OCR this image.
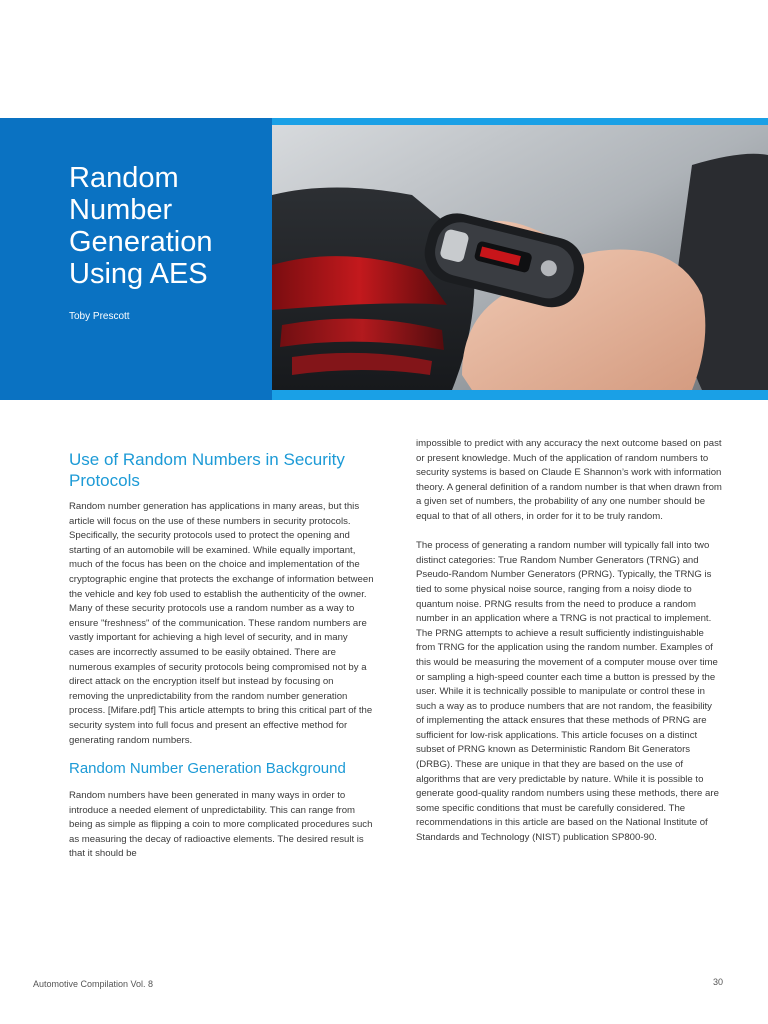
Random Number Generation Using AES

Toby Prescott

Use of Random Numbers in Security Protocols

Random number generation has applications in many areas, but this article will focus on the use of these numbers in security protocols. Specifically, the security protocols used to protect the opening and starting of an automobile will be examined. While equally important, much of the focus has been on the choice and implementation of the cryptographic engine that protects the exchange of information between the vehicle and key fob used to establish the authenticity of the owner. Many of these security protocols use a random number as a way to ensure "freshness" of the communication. These random numbers are vastly important for achieving a high level of security, and in many cases are incorrectly assumed to be easily obtained. There are numerous examples of security protocols being compromised not by a direct attack on the encryption itself but instead by focusing on removing the unpredictability from the random number generation process. [Mifare.pdf] This article attempts to bring this critical part of the security system into full focus and present an effective method for generating random numbers.

Random Number Generation Background

Random numbers have been generated in many ways in order to introduce a needed element of unpredictability. This can range from being as simple as flipping a coin to more complicated procedures such as measuring the decay of radioactive elements. The desired result is that it should be

impossible to predict with any accuracy the next outcome based on past or present knowledge. Much of the application of random numbers to security systems is based on Claude E Shannon’s work with information theory. A general definition of a random number is that when drawn from a given set of numbers, the probability of any one number should be equal to that of all others, in order for it to be truly random.

The process of generating a random number will typically fall into two distinct categories: True Random Number Generators (TRNG) and Pseudo-Random Number Generators (PRNG). Typically, the TRNG is tied to some physical noise source, ranging from a noisy diode to quantum noise. PRNG results from the need to produce a random number in an application where a TRNG is not practical to implement. The PRNG attempts to achieve a result sufficiently indistinguishable from TRNG for the application using the random number. Examples of this would be measuring the movement of a computer mouse over time or sampling a high-speed counter each time a button is pressed by the user. While it is technically possible to manipulate or control these in such a way as to produce numbers that are not random, the feasibility of implementing the attack ensures that these methods of PRNG are sufficient for low-risk applications. This article focuses on a distinct subset of PRNG known as Deterministic Random Bit Generators (DRBG). These are unique in that they are based on the use of algorithms that are very predictable by nature. While it is possible to generate good-quality random numbers using these methods, there are some specific conditions that must be carefully considered. The recommendations in this article are based on the National Institute of Standards and Technology (NIST) publication SP800-90.

Automotive Compilation Vol. 8	30
